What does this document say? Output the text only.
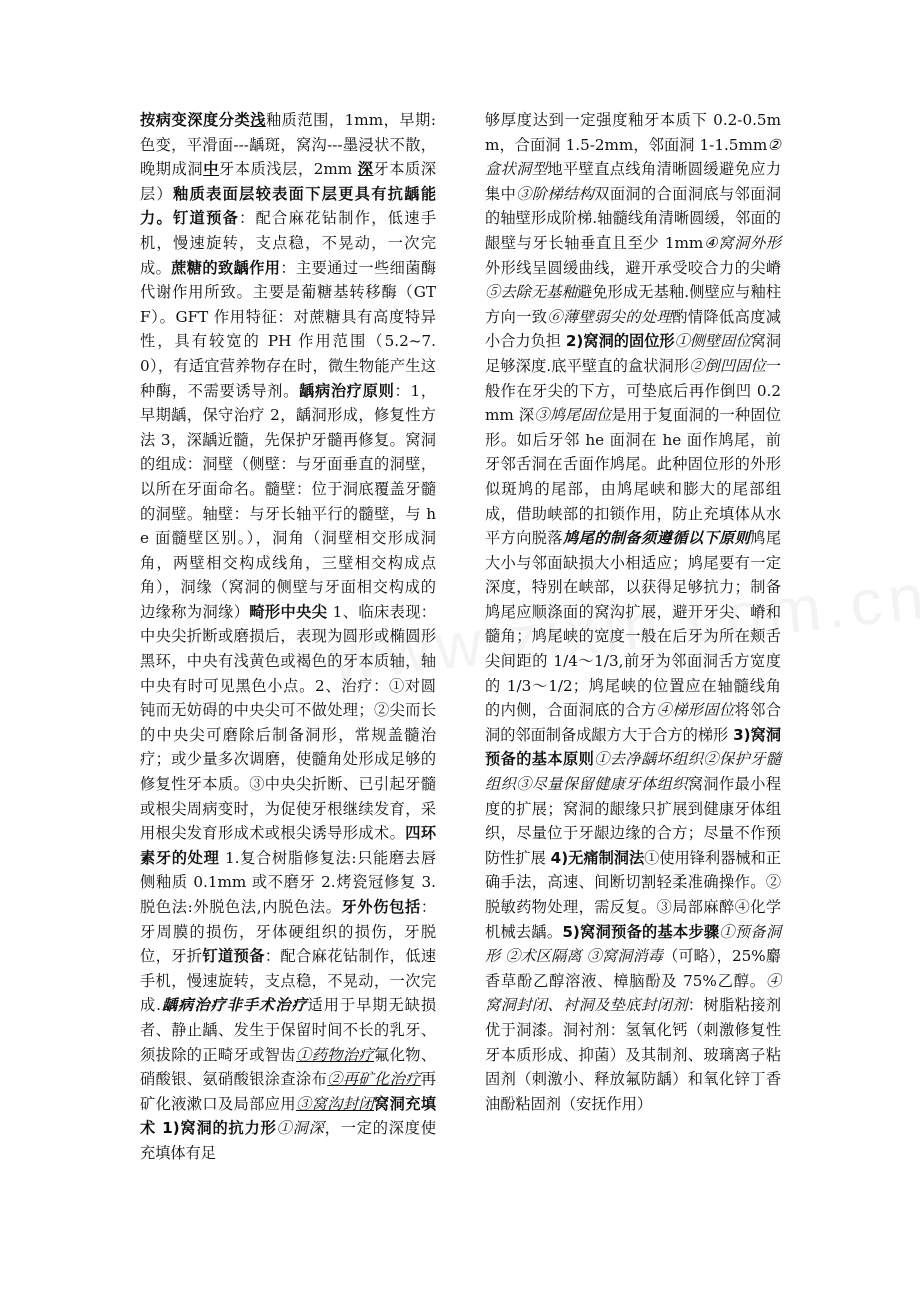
按病变深度分类浅釉质范围，1mm，早期:色变，平滑面---龋斑，窝沟---墨浸状不散，晚期成洞中牙本质浅层，2mm 深牙本质深层）釉质表面层较表面下层更具有抗龋能力。钉道预备：配合麻花钻制作，低速手机，慢速旋转，支点稳，不晃动，一次完成。蔗糖的致龋作用：主要通过一些细菌酶代谢作用所致。主要是葡糖基转移酶（GTF）。GFT 作用特征：对蔗糖具有高度特异性，具有较宽的 PH 作用范围（5.2~7.0），有适宜营养物存在时，微生物能产生这种酶，不需要诱导剂。龋病治疗原则：1，早期龋，保守治疗 2，龋洞形成，修复性方法 3，深龋近髓，先保护牙髓再修复。窝洞的组成：洞壁（侧壁：与牙面垂直的洞壁，以所在牙面命名。髓壁：位于洞底覆盖牙髓的洞壁。轴壁：与牙长轴平行的髓壁，与 he 面髓壁区别。），洞角（洞壁相交形成洞角，两壁相交构成线角，三壁相交构成点角），洞缘（窝洞的侧壁与牙面相交构成的边缘称为洞缘）畸形中央尖 1、临床表现：中央尖折断或磨损后，表现为圆形或椭圆形黑环，中央有浅黄色或褐色的牙本质轴，轴中央有时可见黑色小点。2、治疗：①对圆钝而无妨碍的中央尖可不做处理；②尖而长的中央尖可磨除后制备洞形，常规盖髓治疗；或少量多次调磨，使髓角处形成足够的修复性牙本质。③中央尖折断、已引起牙髓或根尖周病变时，为促使牙根继续发育，采用根尖发育形成术或根尖诱导形成术。四环素牙的处理 1.复合树脂修复法:只能磨去唇侧釉质 0.1mm 或不磨牙 2.烤瓷冠修复 3.脱色法:外脱色法,内脱色法。牙外伤包括：牙周膜的损伤，牙体硬组织的损伤，牙脱位，牙折钉道预备：配合麻花钻制作，低速手机，慢速旋转，支点稳，不晃动，一次完成.龋病治疗非手术治疗适用于早期无缺损者、静止龋、发生于保留时间不长的乳牙、须拔除的正畸牙或智齿①药物治疗氟化物、硝酸银、氨硝酸银涂查涂布②再矿化治疗再矿化液漱口及局部应用③窝沟封闭窝洞充填术 1)窝洞的抗力形①洞深，一定的深度使充填体有足
够厚度达到一定强度釉牙本质下 0.2-0.5mm，合面洞 1.5-2mm，邻面洞 1-1.5mm②盒状洞型地平壁直点线角清晰圆缓避免应力集中③阶梯结构双面洞的合面洞底与邻面洞的轴壁形成阶梯.轴髓线角清晰圆缓，邻面的龈壁与牙长轴垂直且至少 1mm④窝洞外形外形线呈圆缓曲线，避开承受咬合力的尖嵴⑤去除无基釉避免形成无基釉.侧壁应与釉柱方向一致⑥薄壁弱尖的处理酌情降低高度减小合力负担 2)窝洞的固位形①侧壁固位窝洞足够深度.底平壁直的盒状洞形②倒凹固位一般作在牙尖的下方，可垫底后再作倒凹 0.2mm 深③鸠尾固位是用于复面洞的一种固位形。如后牙邻 he 面洞在 he 面作鸠尾，前牙邻舌洞在舌面作鸠尾。此种固位形的外形似斑鸠的尾部，由鸠尾峡和膨大的尾部组成，借助峡部的扣锁作用，防止充填体从水平方向脱落鸠尾的制备须遵循以下原则鸠尾大小与邻面缺损大小相适应；鸠尾要有一定深度，特别在峡部，以获得足够抗力；制备鸠尾应顺涤面的窝沟扩展，避开牙尖、嵴和髓角；鸠尾峡的宽度一般在后牙为所在颊舌尖间距的 1/4～1/3,前牙为邻面洞舌方宽度的 1/3～1/2；鸠尾峡的位置应在轴髓线角的内侧，合面洞底的合方④梯形固位将邻合洞的邻面制备成龈方大于合方的梯形 3)窝洞预备的基本原则①去净龋坏组织②保护牙髓组织③尽量保留健康牙体组织窝洞作最小程度的扩展；窝洞的龈缘只扩展到健康牙体组织，尽量位于牙龈边缘的合方；尽量不作预防性扩展 4)无痛制洞法①使用锋利器械和正确手法，高速、间断切割轻柔准确操作。②脱敏药物处理，需反复。③局部麻醉④化学机械去龋。5)窝洞预备的基本步骤①预备洞形 ②术区隔离 ③窝洞消毒（可略），25%麝香草酚乙醇溶液、樟脑酚及 75%乙醇。④窝洞封闭、衬洞及垫底封闭剂：树脂粘接剂优于洞漆。洞衬剂：氢氧化钙（刺激修复性牙本质形成、抑菌）及其制剂、玻璃离子粘固剂（刺激小、释放氟防龋）和氧化锌丁香油酚粘固剂（安抚作用）
